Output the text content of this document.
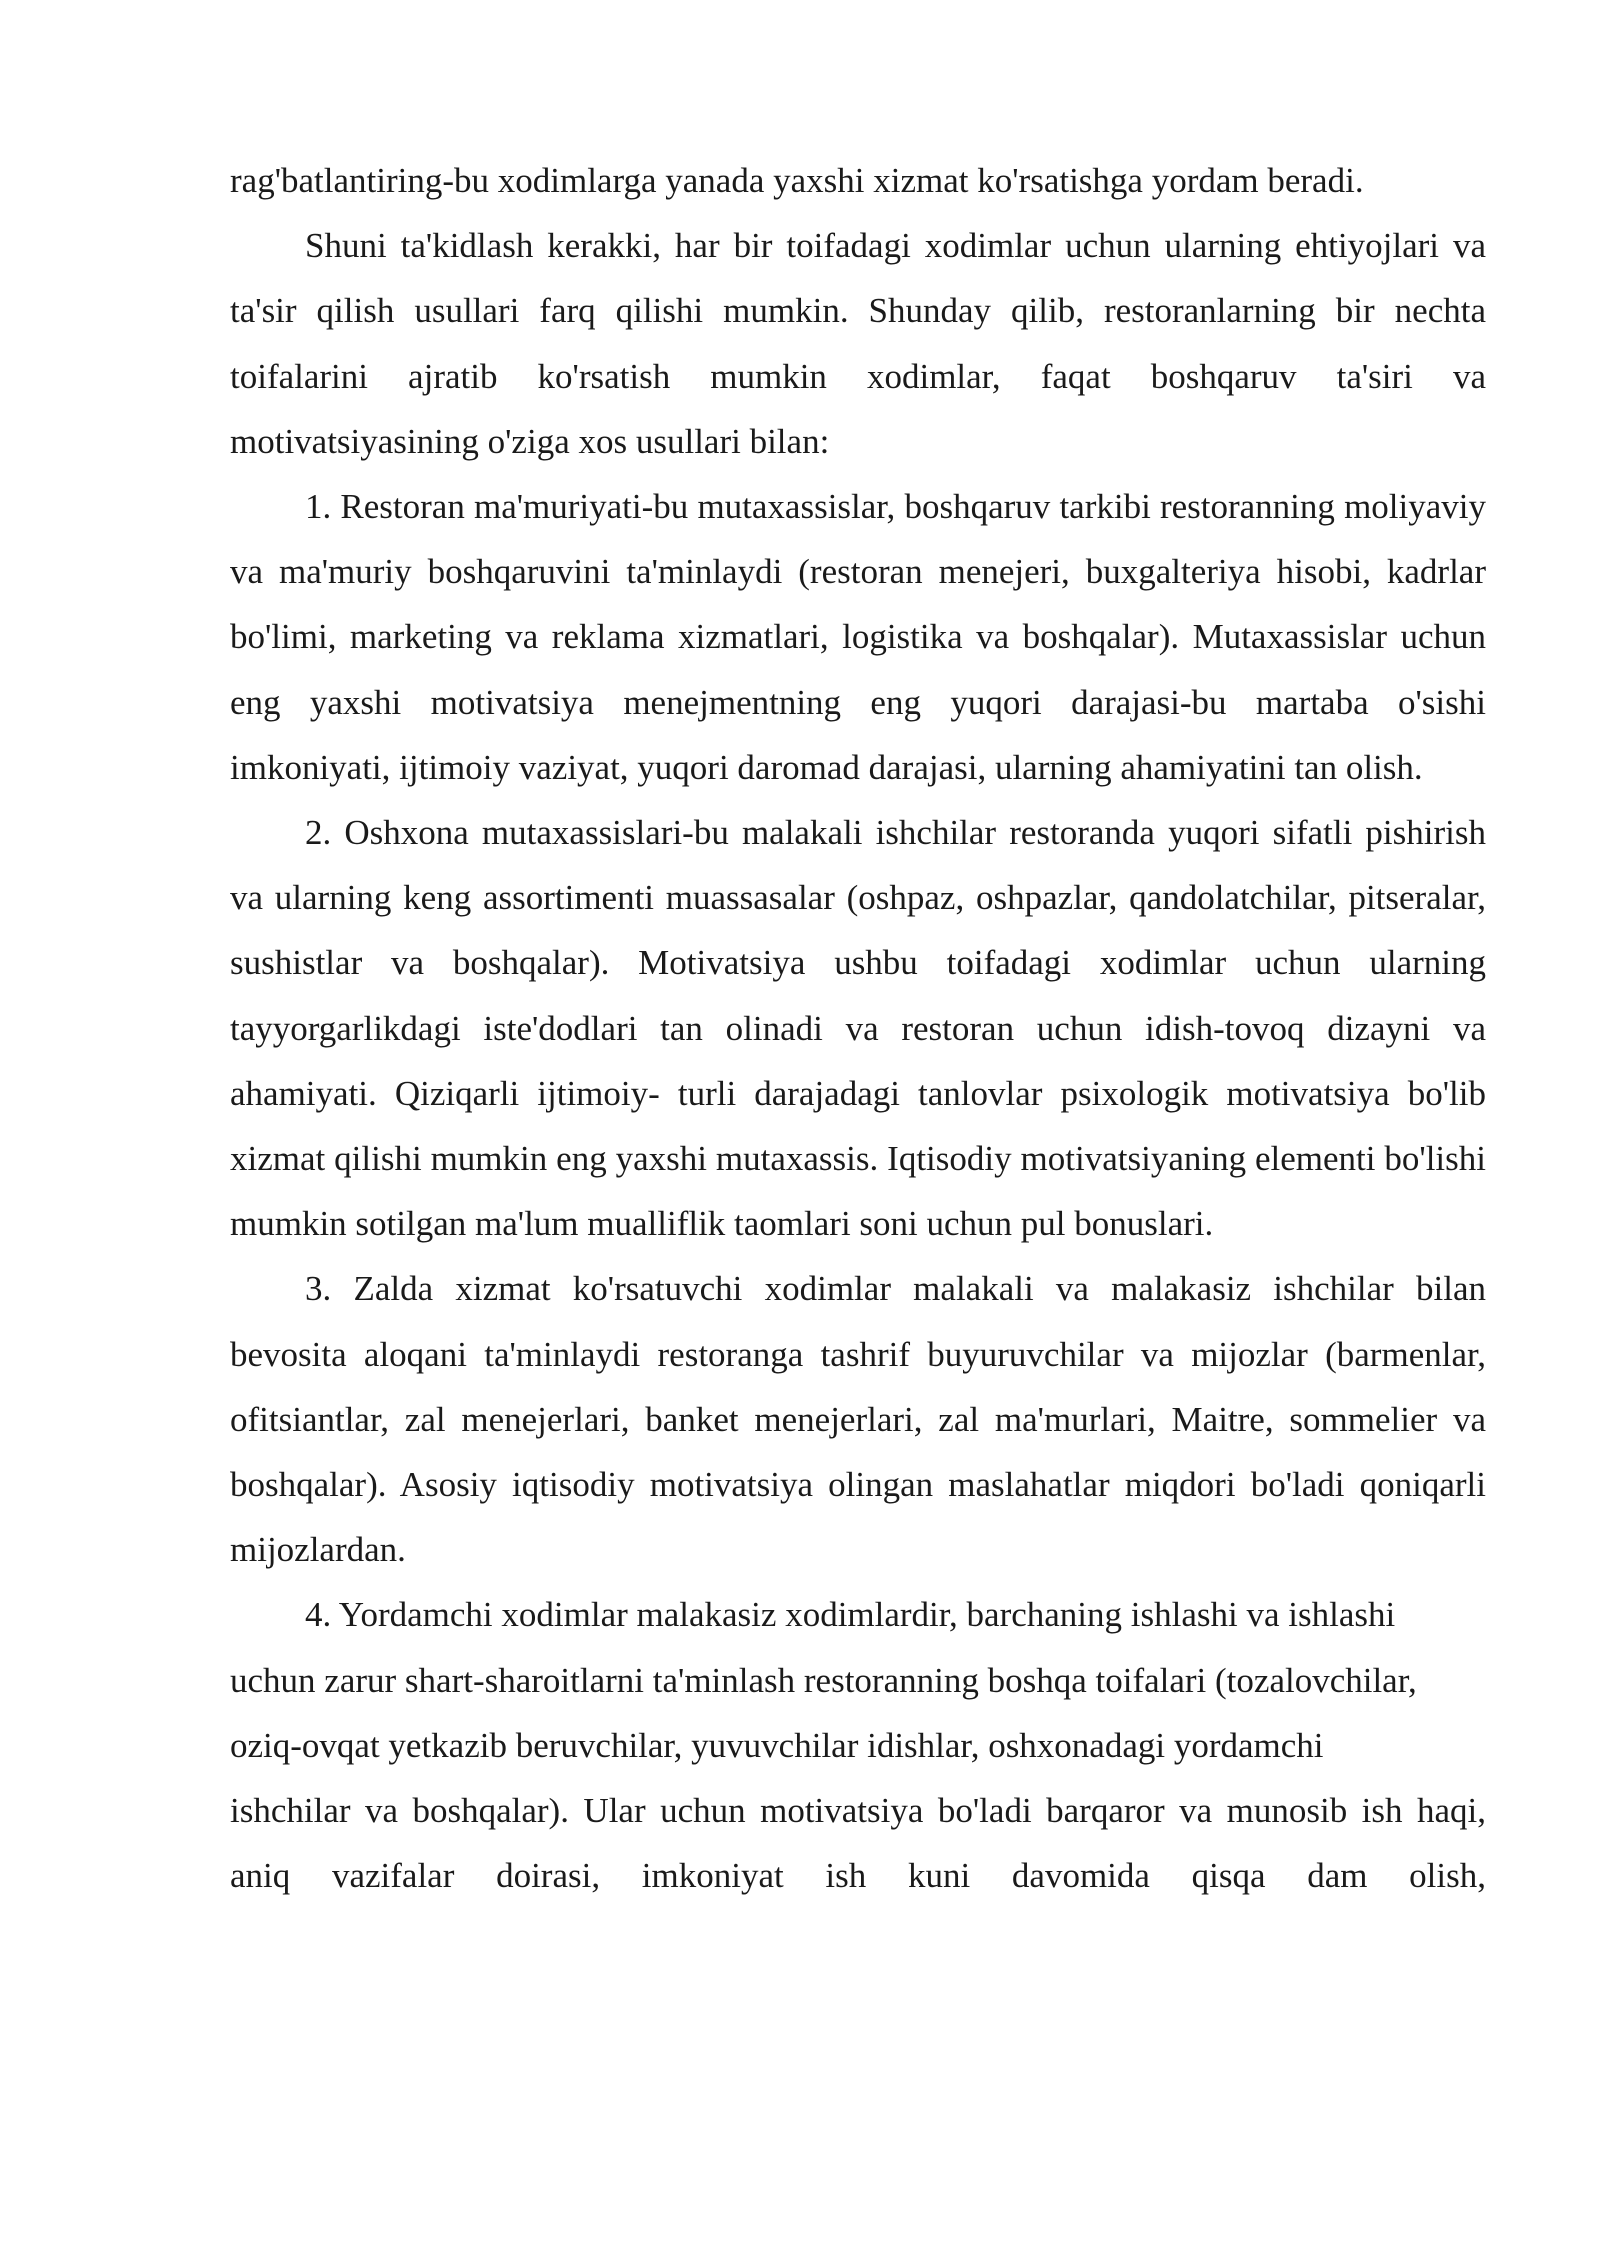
rag'batlantiring-bu xodimlarga yanada yaxshi xizmat ko'rsatishga yordam beradi.

Shuni ta'kidlash kerakki, har bir toifadagi xodimlar uchun ularning ehtiyojlari va ta'sir qilish usullari farq qilishi mumkin. Shunday qilib, restoranlarning bir nechta toifalarini ajratib ko'rsatish mumkin xodimlar, faqat boshqaruv ta'siri va motivatsiyasining o'ziga xos usullari bilan:

1. Restoran ma'muriyati-bu mutaxassislar, boshqaruv tarkibi restoranning moliyaviy va ma'muriy boshqaruvini ta'minlaydi (restoran menejeri, buxgalteriya hisobi, kadrlar bo'limi, marketing va reklama xizmatlari, logistika va boshqalar). Mutaxassislar uchun eng yaxshi motivatsiya menejmentning eng yuqori darajasi-bu martaba o'sishi imkoniyati, ijtimoiy vaziyat, yuqori daromad darajasi, ularning ahamiyatini tan olish.

2. Oshxona mutaxassislari-bu malakali ishchilar restoranda yuqori sifatli pishirish va ularning keng assortimenti muassasalar (oshpaz, oshpazlar, qandolatchilar, pitseralar, sushistlar va boshqalar). Motivatsiya ushbu toifadagi xodimlar uchun ularning tayyorgarlikdagi iste'dodlari tan olinadi va restoran uchun idish-tovoq dizayni va ahamiyati. Qiziqarli ijtimoiy- turli darajadagi tanlovlar psixologik motivatsiya bo'lib xizmat qilishi mumkin eng yaxshi mutaxassis. Iqtisodiy motivatsiyaning elementi bo'lishi mumkin sotilgan ma'lum mualliflik taomlari soni uchun pul bonuslari.

3. Zalda xizmat ko'rsatuvchi xodimlar malakali va malakasiz ishchilar bilan bevosita aloqani ta'minlaydi restoranga tashrif buyuruvchilar va mijozlar (barmenlar, ofitsiantlar, zal menejerlari, banket menejerlari, zal ma'murlari, Maitre, sommelier va boshqalar). Asosiy iqtisodiy motivatsiya olingan maslahatlar miqdori bo'ladi qoniqarli mijozlardan.

4. Yordamchi xodimlar malakasiz xodimlardir, barchaning ishlashi va ishlashi uchun zarur shart-sharoitlarni ta'minlash restoranning boshqa toifalari (tozalovchilar, oziq-ovqat yetkazib beruvchilar, yuvuvchilar idishlar, oshxonadagi yordamchi

ishchilar va boshqalar). Ular uchun motivatsiya bo'ladi barqaror va munosib ish haqi, aniq vazifalar doirasi, imkoniyat ish kuni davomida qisqa dam olish,
